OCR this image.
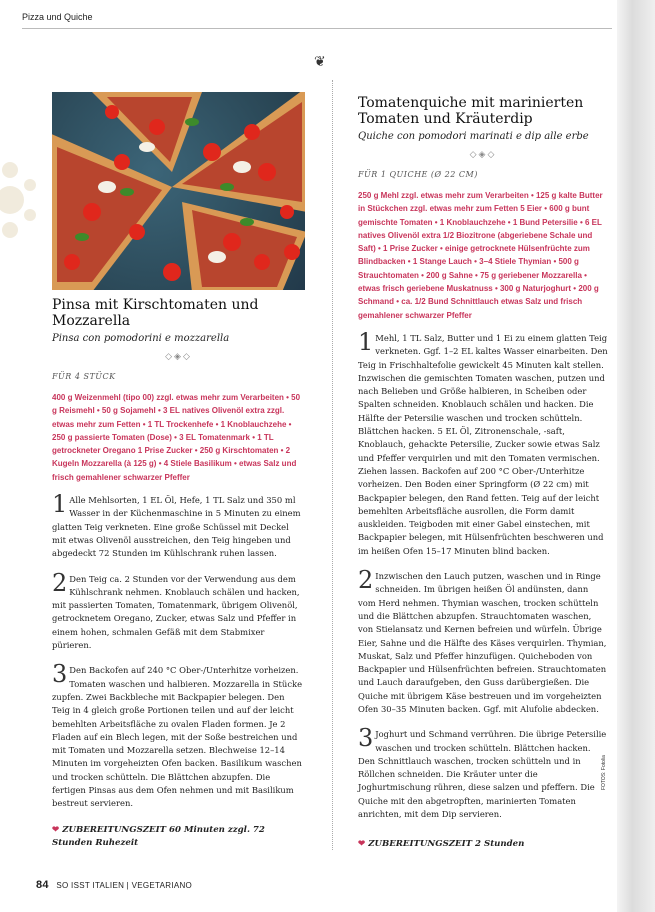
Pizza und Quiche
❦
Pinsa mit Kirschtomaten und Mozzarella
Pinsa con pomodorini e mozzarella
◇◈◇
FÜR 4 STÜCK
400 g Weizenmehl (tipo 00) zzgl. etwas mehr zum Verarbeiten • 50 g Reismehl • 50 g Sojamehl • 3 EL natives Olivenöl extra zzgl. etwas mehr zum Fetten • 1 TL Trockenhefe • 1 Knoblauchzehe • 250 g passierte Tomaten (Dose) • 3 EL Tomatenmark • 1 TL getrockneter Oregano 1 Prise Zucker • 250 g Kirschtomaten • 2 Kugeln Mozzarella (à 125 g) • 4 Stiele Basilikum • etwas Salz und frisch gemahlener schwarzer Pfeffer

1 Alle Mehlsorten, 1 EL Öl, Hefe, 1 TL Salz und 350 ml Wasser in der Küchenmaschine in 5 Minuten zu einem glatten Teig verkneten. Eine große Schüssel mit Deckel mit etwas Olivenöl ausstreichen, den Teig hingeben und abgedeckt 72 Stunden im Kühlschrank ruhen lassen.

2 Den Teig ca. 2 Stunden vor der Verwendung aus dem Kühlschrank nehmen. Knoblauch schälen und hacken, mit passierten Tomaten, Tomatenmark, übrigem Olivenöl, getrocknetem Oregano, Zucker, etwas Salz und Pfeffer in einem hohen, schmalen Gefäß mit dem Stabmixer pürieren.

3 Den Backofen auf 240 °C Ober-/Unterhitze vorheizen. Tomaten waschen und halbieren. Mozzarella in Stücke zupfen. Zwei Backbleche mit Backpapier belegen. Den Teig in 4 gleich große Portionen teilen und auf der leicht bemehlten Arbeitsfläche zu ovalen Fladen formen. Je 2 Fladen auf ein Blech legen, mit der Soße bestreichen und mit Tomaten und Mozzarella setzen. Blechweise 12–14 Minuten im vorgeheizten Ofen backen. Basilikum waschen und trocken schütteln. Die Blättchen abzupfen. Die fertigen Pinsas aus dem Ofen nehmen und mit Basilikum bestreut servieren.

❤ ZUBEREITUNGSZEIT 60 Minuten zzgl. 72 Stunden Ruhezeit
Tomatenquiche mit marinierten Tomaten und Kräuterdip
Quiche con pomodori marinati e dip alle erbe
◇◈◇
FÜR 1 QUICHE (Ø 22 CM)
250 g Mehl zzgl. etwas mehr zum Verarbeiten • 125 g kalte Butter in Stückchen zzgl. etwas mehr zum Fetten 5 Eier • 600 g bunt gemischte Tomaten • 1 Knoblauchzehe • 1 Bund Petersilie • 6 EL natives Olivenöl extra 1/2 Biozitrone (abgeriebene Schale und Saft) • 1 Prise Zucker • einige getrocknete Hülsenfrüchte zum Blindbacken • 1 Stange Lauch • 3–4 Stiele Thymian • 500 g Strauchtomaten • 200 g Sahne • 75 g geriebener Mozzarella • etwas frisch geriebene Muskatnuss • 300 g Naturjoghurt • 200 g Schmand • ca. 1/2 Bund Schnittlauch etwas Salz und frisch gemahlener schwarzer Pfeffer

1 Mehl, 1 TL Salz, Butter und 1 Ei zu einem glatten Teig verkneten. Ggf. 1–2 EL kaltes Wasser einarbeiten. Den Teig in Frischhaltefolie gewickelt 45 Minuten kalt stellen. Inzwischen die gemischten Tomaten waschen, putzen und nach Belieben und Größe halbieren, in Scheiben oder Spalten schneiden. Knoblauch schälen und hacken. Die Hälfte der Petersilie waschen und trocken schütteln. Blättchen hacken. 5 EL Öl, Zitronenschale, -saft, Knoblauch, gehackte Petersilie, Zucker sowie etwas Salz und Pfeffer verquirlen und mit den Tomaten vermischen. Ziehen lassen. Backofen auf 200 °C Ober-/Unterhitze vorheizen. Den Boden einer Springform (Ø 22 cm) mit Backpapier belegen, den Rand fetten. Teig auf der leicht bemehlten Arbeitsfläche ausrollen, die Form damit auskleiden. Teigboden mit einer Gabel einstechen, mit Backpapier belegen, mit Hülsenfrüchten beschweren und im heißen Ofen 15–17 Minuten blind backen.

2 Inzwischen den Lauch putzen, waschen und in Ringe schneiden. Im übrigen heißen Öl andünsten, dann vom Herd nehmen. Thymian waschen, trocken schütteln und die Blättchen abzupfen. Strauchtomaten waschen, von Stielansatz und Kernen befreien und würfeln. Übrige Eier, Sahne und die Hälfte des Käses verquirlen. Thymian, Muskat, Salz und Pfeffer hinzufügen. Quicheboden von Backpapier und Hülsenfrüchten befreien. Strauchtomaten und Lauch daraufgeben, den Guss darübergießen. Die Quiche mit übrigem Käse bestreuen und im vorgeheizten Ofen 30–35 Minuten backen. Ggf. mit Alufolie abdecken.

3 Joghurt und Schmand verrühren. Die übrige Petersilie waschen und trocken schütteln. Blättchen hacken. Den Schnittlauch waschen, trocken schütteln und in Röllchen schneiden. Die Kräuter unter die Joghurtmischung rühren, diese salzen und pfeffern. Die Quiche mit den abgetropften, marinierten Tomaten anrichten, mit dem Dip servieren.

❤ ZUBEREITUNGSZEIT 2 Stunden
FOTOS: Fotolia
84 SO ISST ITALIEN | VEGETARIANO
